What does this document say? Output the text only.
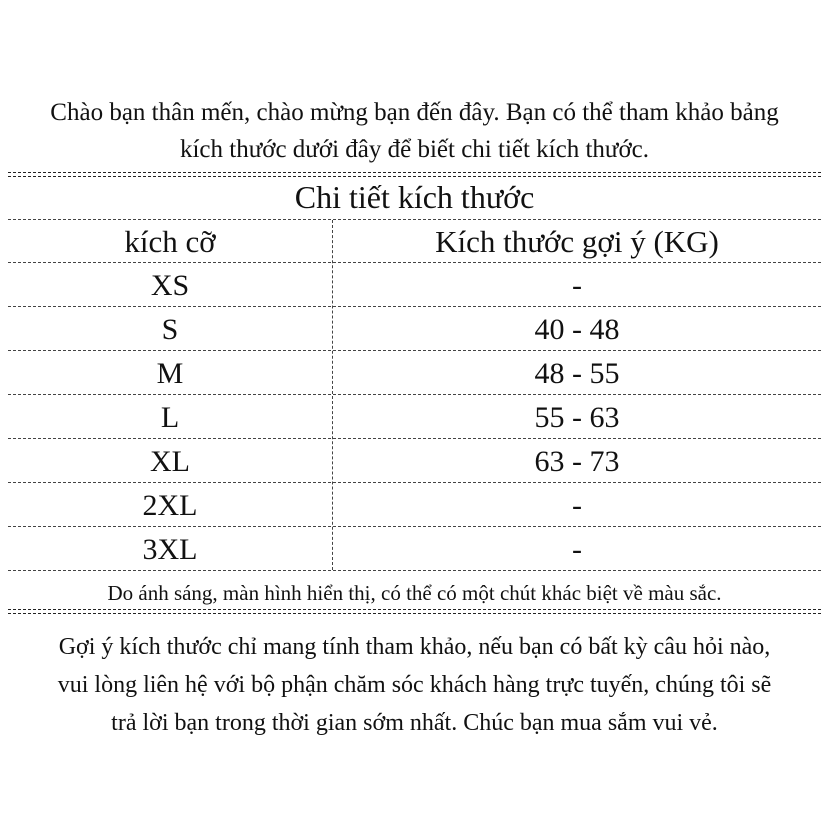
Chào bạn thân mến, chào mừng bạn đến đây. Bạn có thể tham khảo bảng
kích thước dưới đây để biết chi tiết kích thước.
Chi tiết kích thước
kích cỡ	Kích thước gợi ý (KG)
XS	-
S	40 - 48
M	48 - 55
L	55 - 63
XL	63 - 73
2XL	-
3XL	-
Do ánh sáng, màn hình hiển thị, có thể có một chút khác biệt về màu sắc.
Gợi ý kích thước chỉ mang tính tham khảo, nếu bạn có bất kỳ câu hỏi nào,
vui lòng liên hệ với bộ phận chăm sóc khách hàng trực tuyến, chúng tôi sẽ
trả lời bạn trong thời gian sớm nhất. Chúc bạn mua sắm vui vẻ.
